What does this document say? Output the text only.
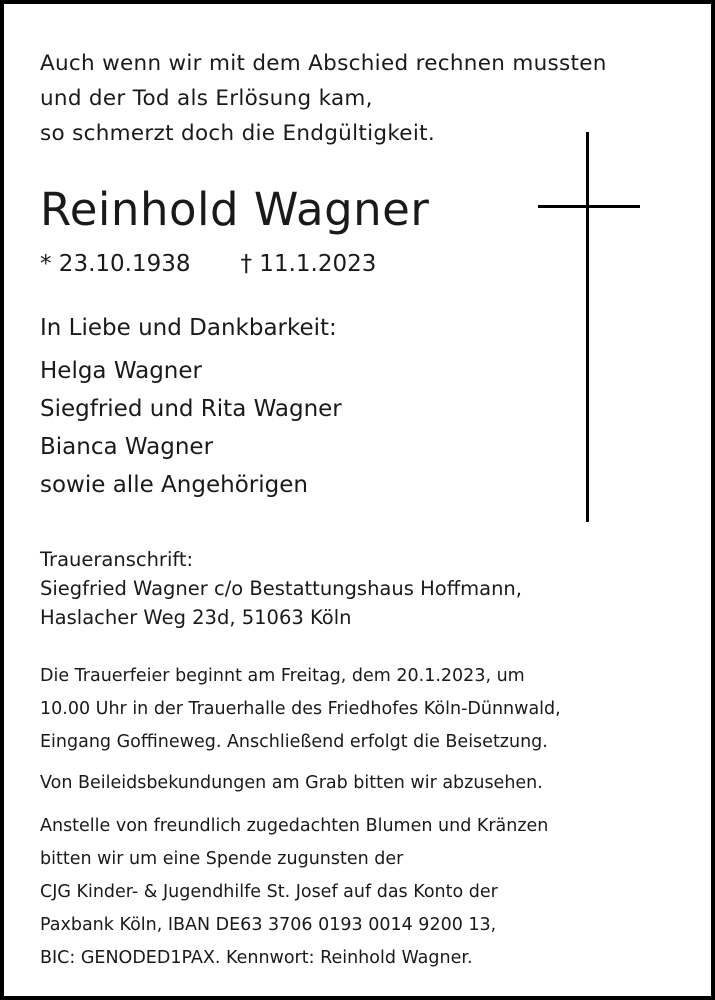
Auch wenn wir mit dem Abschied rechnen mussten
und der Tod als Erlösung kam,
so schmerzt doch die Endgültigkeit.
Reinhold Wagner
* 23.10.1938 † 11.1.2023
In Liebe und Dankbarkeit:
Helga Wagner
Siegfried und Rita Wagner
Bianca Wagner
sowie alle Angehörigen
Traueranschrift:
Siegfried Wagner c/o Bestattungshaus Hoffmann,
Haslacher Weg 23d, 51063 Köln
Die Trauerfeier beginnt am Freitag, dem 20.1.2023, um
10.00 Uhr in der Trauerhalle des Friedhofes Köln-Dünnwald,
Eingang Goffineweg. Anschließend erfolgt die Beisetzung.
Von Beileidsbekundungen am Grab bitten wir abzusehen.
Anstelle von freundlich zugedachten Blumen und Kränzen
bitten wir um eine Spende zugunsten der
CJG Kinder- & Jugendhilfe St. Josef auf das Konto der
Paxbank Köln, IBAN DE63 3706 0193 0014 9200 13,
BIC: GENODED1PAX. Kennwort: Reinhold Wagner.
